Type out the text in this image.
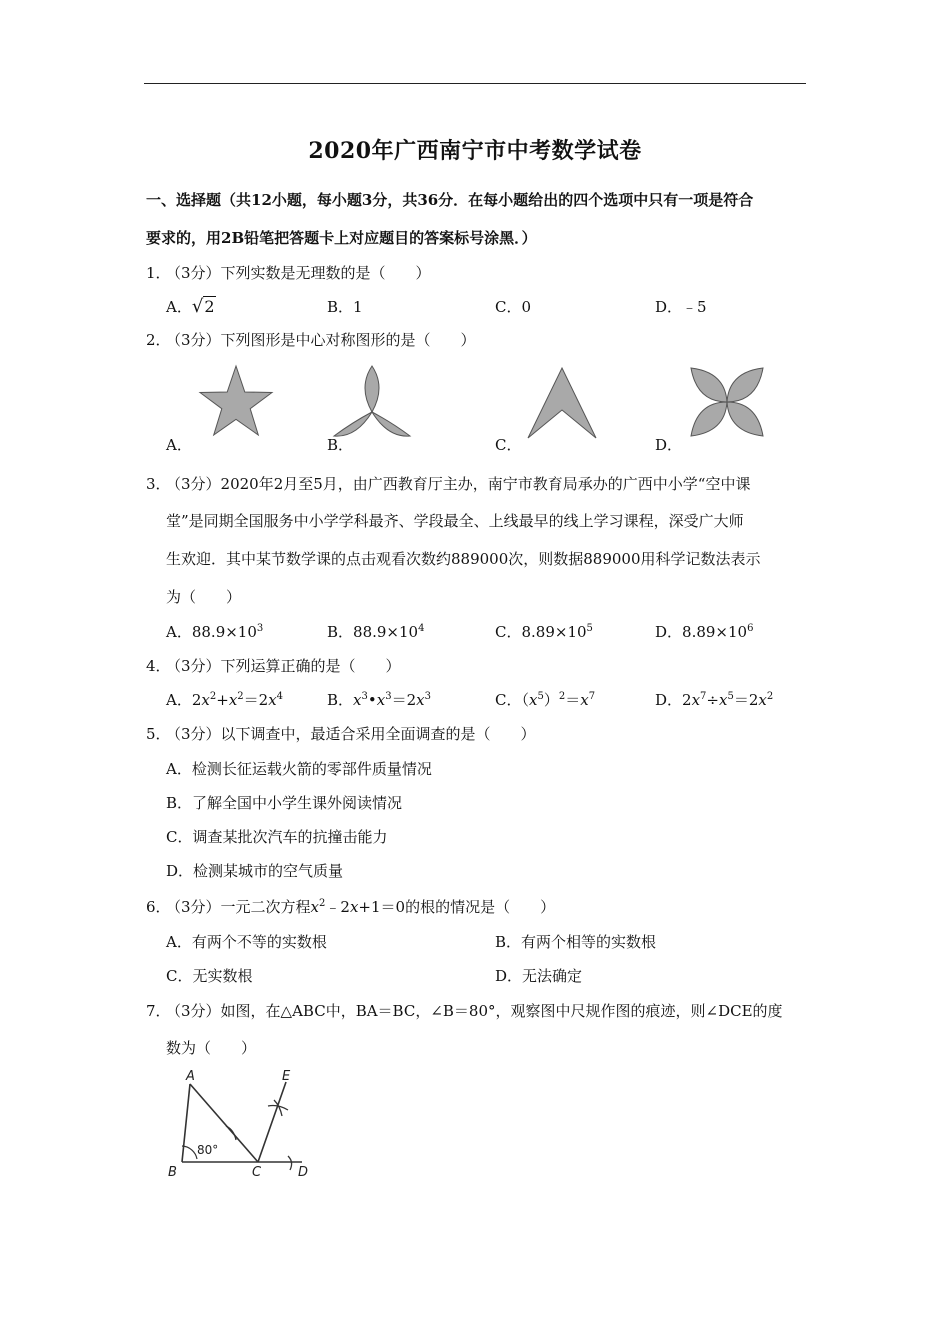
2020年广西南宁市中考数学试卷
一、选择题（共12小题，每小题3分，共36分．在每小题给出的四个选项中只有一项是符合
要求的，用2B铅笔把答题卡上对应题目的答案标号涂黑．）
1．（3分）下列实数是无理数的是（　　）
A．√2	B．1	C．0	D．﹣5
2．（3分）下列图形是中心对称图形的是（　　）
A．	B．	C．	D．
3．（3分）2020年2月至5月，由广西教育厅主办，南宁市教育局承办的广西中小学“空中课
堂”是同期全国服务中小学学科最齐、学段最全、上线最早的线上学习课程，深受广大师
生欢迎．其中某节数学课的点击观看次数约889000次，则数据889000用科学记数法表示
为（　　）
A．$88.9\times 10^3$	B．$88.9\times 10^4$	C．$8.89\times 10^5$	D．$8.89\times 10^6$
4．（3分）下列运算正确的是（　　）
A．$2x^2+x^2=2x^4$	B．$x^3•x^3=2x^3$	C．$(x^5)^2=x^7$	D．$2x^7\div x^5=2x^2$
5．（3分）以下调查中，最适合采用全面调查的是（　　）
A．检测长征运载火箭的零部件质量情况
B．了解全国中小学生课外阅读情况
C．调查某批次汽车的抗撞击能力
D．检测某城市的空气质量
6．（3分）一元二次方程$x^2﹣2x+1=0$的根的情况是（　　）
A．有两个不等的实数根	B．有两个相等的实数根
C．无实数根	D．无法确定
7．（3分）如图，在△ABC中，BA＝BC，∠B＝80°，观察图中尺规作图的痕迹，则∠DCE的度
数为（　　）
A
B	C	D
E
80°
